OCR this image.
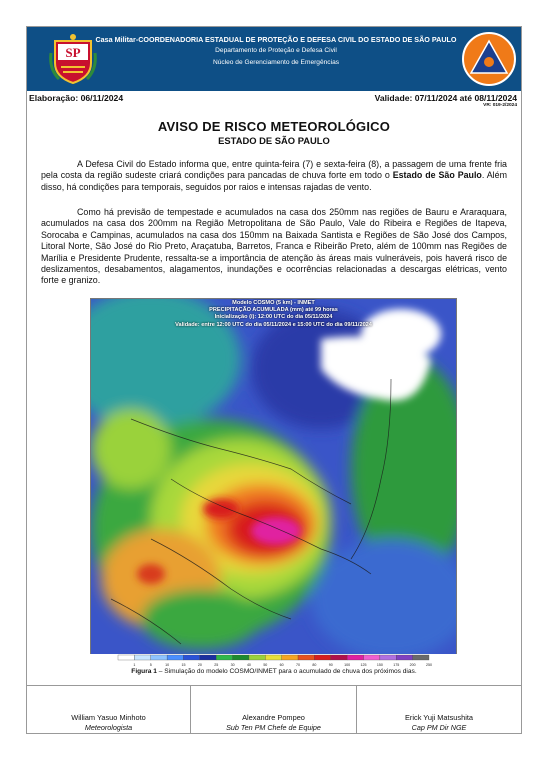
SP
Casa Militar-COORDENADORIA ESTADUAL DE PROTEÇÃO E DEFESA CIVIL DO ESTADO DE SÃO PAULO
Departamento de Proteção e Defesa Civil
Núcleo de Gerenciamento de Emergências
Elaboração: 06/11/2024	Validade: 07/11/2024 até 08/11/2024
VR: 019-2/2024
AVISO DE RISCO METEOROLÓGICO
ESTADO DE SÃO PAULO

A Defesa Civil do Estado informa que, entre quinta-feira (7) e sexta-feira (8), a passagem de uma frente fria pela costa da região sudeste criará condições para pancadas de chuva forte em todo o Estado de São Paulo. Além disso, há condições para temporais, seguidos por raios e intensas rajadas de vento.

Como há previsão de tempestade e acumulados na casa dos 250mm nas regiões de Bauru e Araraquara, acumulados na casa dos 200mm na Região Metropolitana de São Paulo, Vale do Ribeira e Regiões de Itapeva, Sorocaba e Campinas, acumulados na casa dos 150mm na Baixada Santista e Regiões de São José dos Campos, Litoral Norte, São José do Rio Preto, Araçatuba, Barretos, Franca e Ribeirão Preto, além de 100mm nas Regiões de Marília e Presidente Prudente, ressalta-se a importância de atenção às áreas mais vulneráveis, pois haverá risco de deslizamentos, desabamentos, alagamentos, inundações e ocorrências relacionadas a descargas elétricas, vento forte e granizo.

Modelo COSMO (5 km) - INMET
PRECIPITAÇÃO ACUMULADA (mm) até 99 horas
Inicialização (i): 12:00 UTC do dia 05/11/2024
Validade: entre 12:00 UTC do dia 05/11/2024 e 15:00 UTC do dia 09/11/2024
1	5	10	15	20	25	30	40	50	60	70	80	90	100	125	150	175	200	250
Figura 1 – Simulação do modelo COSMO/INMET para o acumulado de chuva dos próximos dias.
William Yasuo Minhoto
Meteorologista
Alexandre Pompeo
Sub Ten PM Chefe de Equipe
Erick Yuji Matsushita
Cap PM Dir NGE
